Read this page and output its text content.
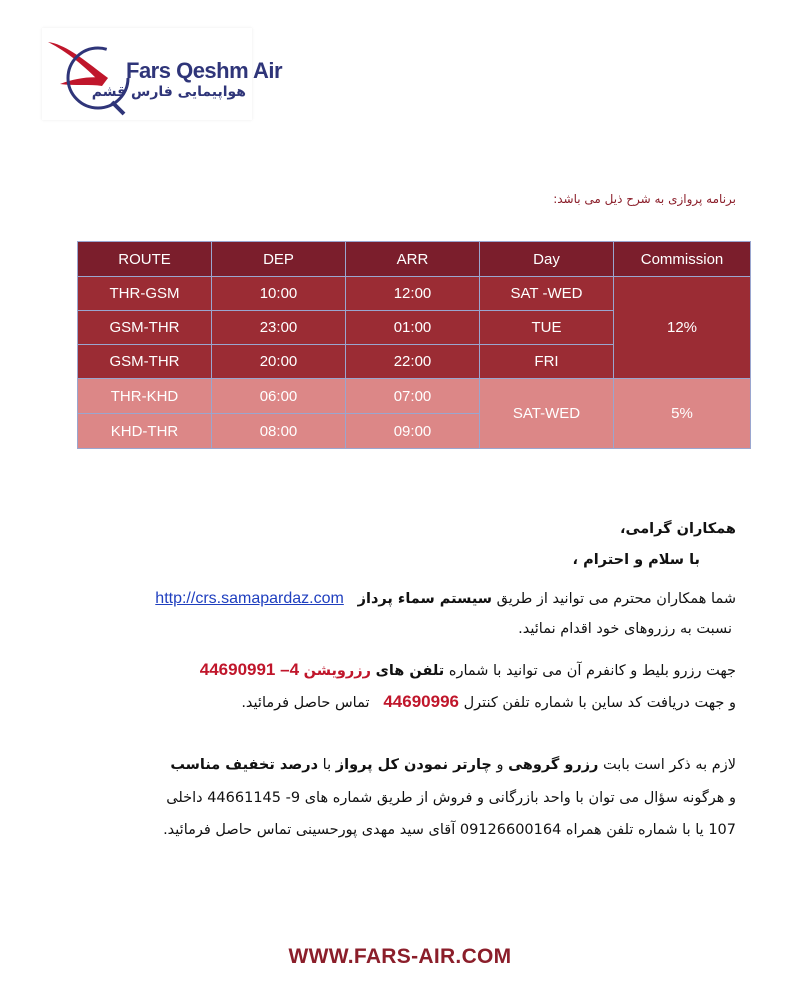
Fars Qeshm Air
هواپیمایی فارس قشم
برنامه پروازی به شرح ذیل می باشد:
ROUTE	DEP	ARR	Day	Commission
THR-GSM	10:00	12:00	SAT -WED	12%
GSM-THR	23:00	01:00	TUE	
GSM-THR	20:00	22:00	FRI	
THR-KHD	06:00	07:00	SAT-WED	5%
KHD-THR	08:00	09:00		
همکاران گرامی،
با سلام و احترام ،
شما همکاران محترم می توانید از طریق سیستم سماء پرداز   http://crs.samapardaz.com
نسبت به رزروهای خود اقدام نمائید.
جهت رزرو بلیط و کانفرم آن می توانید با شماره تلفن های رزرویشن 44690991 –4
و جهت دریافت کد ساین با شماره تلفن کنترل 44690996   تماس حاصل فرمائید.
لازم به ذکر است بابت رزرو گروهی و چارتر نمودن کل پرواز با درصد تخفیف مناسب
و هرگونه سؤال می توان با واحد بازرگانی و فروش از طریق شماره های 9- 44661145 داخلی
107 یا با شماره تلفن همراه 09126600164 آقای سید مهدی پورحسینی تماس حاصل فرمائید.
WWW.FARS-AIR.COM
